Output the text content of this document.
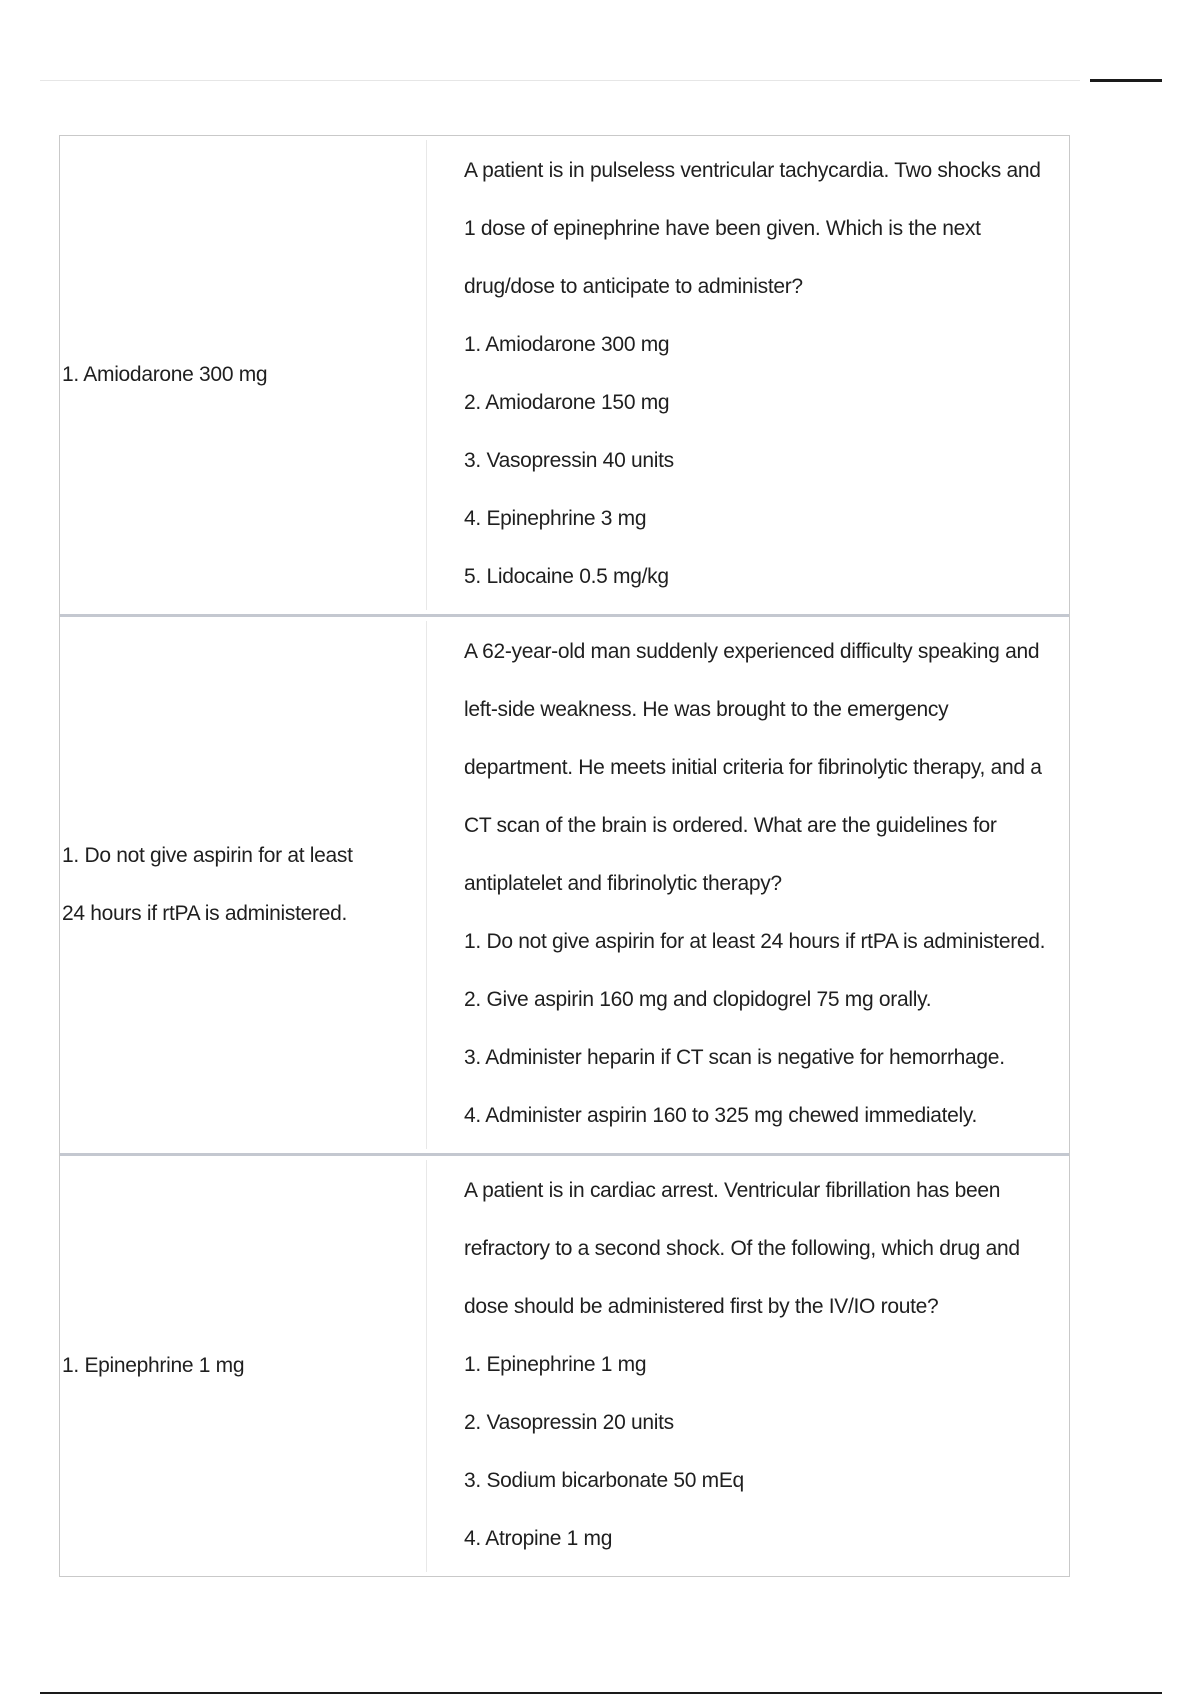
1. Amiodarone 300 mg

A patient is in pulseless ventricular tachycardia. Two shocks and 1 dose of epinephrine have been given. Which is the next drug/dose to anticipate to administer?

1. Amiodarone 300 mg
2. Amiodarone 150 mg
3. Vasopressin 40 units
4. Epinephrine 3 mg
5. Lidocaine 0.5 mg/kg
1. Do not give aspirin for at least 24 hours if rtPA is administered.

A 62-year-old man suddenly experienced difficulty speaking and left-side weakness. He was brought to the emergency department. He meets initial criteria for fibrinolytic therapy, and a CT scan of the brain is ordered. What are the guidelines for antiplatelet and fibrinolytic therapy?

1. Do not give aspirin for at least 24 hours if rtPA is administered.
2. Give aspirin 160 mg and clopidogrel 75 mg orally.
3. Administer heparin if CT scan is negative for hemorrhage.
4. Administer aspirin 160 to 325 mg chewed immediately.
1. Epinephrine 1 mg

A patient is in cardiac arrest. Ventricular fibrillation has been refractory to a second shock. Of the following, which drug and dose should be administered first by the IV/IO route?

1. Epinephrine 1 mg
2. Vasopressin 20 units
3. Sodium bicarbonate 50 mEq
4. Atropine 1 mg
